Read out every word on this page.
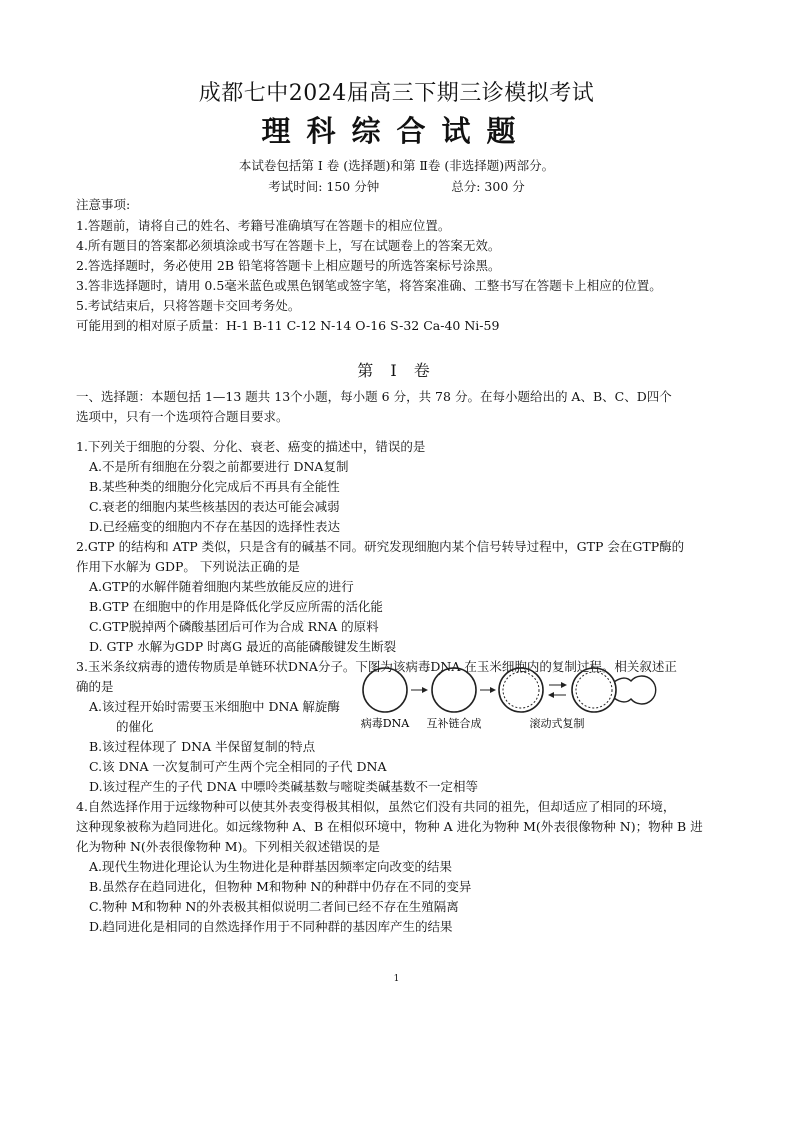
成都七中2024届高三下期三诊模拟考试
理科综合试题
本试卷包括第 Ⅰ 卷 (选择题)和第 Ⅱ卷 (非选择题)两部分。
考试时间: 150 分钟	总分: 300 分
注意事项:
1.答题前，请将自己的姓名、考籍号准确填写在答题卡的相应位置。
4.所有题目的答案都必须填涂或书写在答题卡上，写在试题卷上的答案无效。
2.答选择题时，务必使用 2B 铅笔将答题卡上相应题号的所选答案标号涂黑。
3.答非选择题时，请用 0.5毫米蓝色或黑色钢笔或签字笔，将答案准确、工整书写在答题卡上相应的位置。
5.考试结束后，只将答题卡交回考务处。
可能用到的相对原子质量：H-1 B-11 C-12 N-14 O-16 S-32 Ca-40 Ni-59
第 Ⅰ 卷
一、选择题：本题包括 1—13 题共 13个小题，每小题 6 分，共 78 分。在每小题给出的 A、B、C、D四个
选项中，只有一个选项符合题目要求。
1.下列关于细胞的分裂、分化、衰老、癌变的描述中，错误的是
A.不是所有细胞在分裂之前都要进行 DNA复制
B.某些种类的细胞分化完成后不再具有全能性
C.衰老的细胞内某些核基因的表达可能会减弱
D.已经癌变的细胞内不存在基因的选择性表达
2.GTP 的结构和 ATP 类似，只是含有的碱基不同。研究发现细胞内某个信号转导过程中，GTP 会在GTP酶的
作用下水解为 GDP。 下列说法正确的是
A.GTP的水解伴随着细胞内某些放能反应的进行
B.GTP 在细胞中的作用是降低化学反应所需的活化能
C.GTP脱掉两个磷酸基团后可作为合成 RNA 的原料
D. GTP 水解为GDP 时离G 最近的高能磷酸键发生断裂
3.玉米条纹病毒的遗传物质是单链环状DNA分子。下图为该病毒DNA 在玉米细胞内的复制过程。相关叙述正
确的是
A.该过程开始时需要玉米细胞中 DNA 解旋酶
的催化
B.该过程体现了 DNA 半保留复制的特点
C.该 DNA 一次复制可产生两个完全相同的子代 DNA
D.该过程产生的子代 DNA 中嘌呤类碱基数与嘧啶类碱基数不一定相等
病毒DNA 互补链合成	滚动式复制
4.自然选择作用于远缘物种可以使其外表变得极其相似，虽然它们没有共同的祖先，但却适应了相同的环境，
这种现象被称为趋同进化。如远缘物种 A、B 在相似环境中，物种 A 进化为物种 M(外表很像物种 N)；物种 B 进
化为物种 N(外表很像物种 M)。下列相关叙述错误的是
A.现代生物进化理论认为生物进化是种群基因频率定向改变的结果
B.虽然存在趋同进化，但物种 M和物种 N的种群中仍存在不同的变异
C.物种 M和物种 N的外表极其相似说明二者间已经不存在生殖隔离
D.趋同进化是相同的自然选择作用于不同种群的基因库产生的结果
1
